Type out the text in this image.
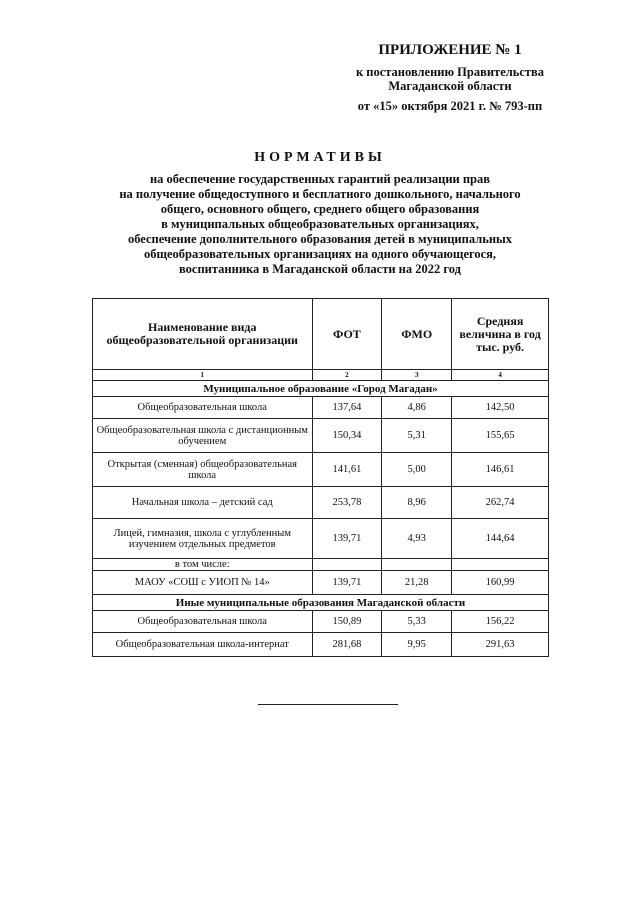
ПРИЛОЖЕНИЕ № 1
к постановлению Правительства
Магаданской области
от «15» октября 2021 г. № 793-пп
НОРМАТИВЫ
на обеспечение государственных гарантий реализации прав
на получение общедоступного и бесплатного дошкольного, начального
общего, основного общего, среднего общего образования
в муниципальных общеобразовательных организациях,
обеспечение дополнительного образования детей в муниципальных
общеобразовательных организациях на одного обучающегося,
воспитанника в Магаданской области на 2022 год
Наименование вида общеобразовательной организации	ФОТ	ФМО	Средняя величина в год тыс. руб.
1	2	3	4
Муниципальное образование «Город Магадан»			
Общеобразовательная школа	137,64	4,86	142,50
Общеобразовательная школа с дистанционным обучением	150,34	5,31	155,65
Открытая (сменная) общеобразовательная школа	141,61	5,00	146,61
Начальная школа – детский сад	253,78	8,96	262,74
Лицей, гимназия, школа с углубленным изучением отдельных предметов	139,71	4,93	144,64
в том числе:			
МАОУ «СОШ с УИОП № 14»	139,71	21,28	160,99
Иные муниципальные образования Магаданской области			
Общеобразовательная школа	150,89	5,33	156,22
Общеобразовательная школа-интернат	281,68	9,95	291,63
